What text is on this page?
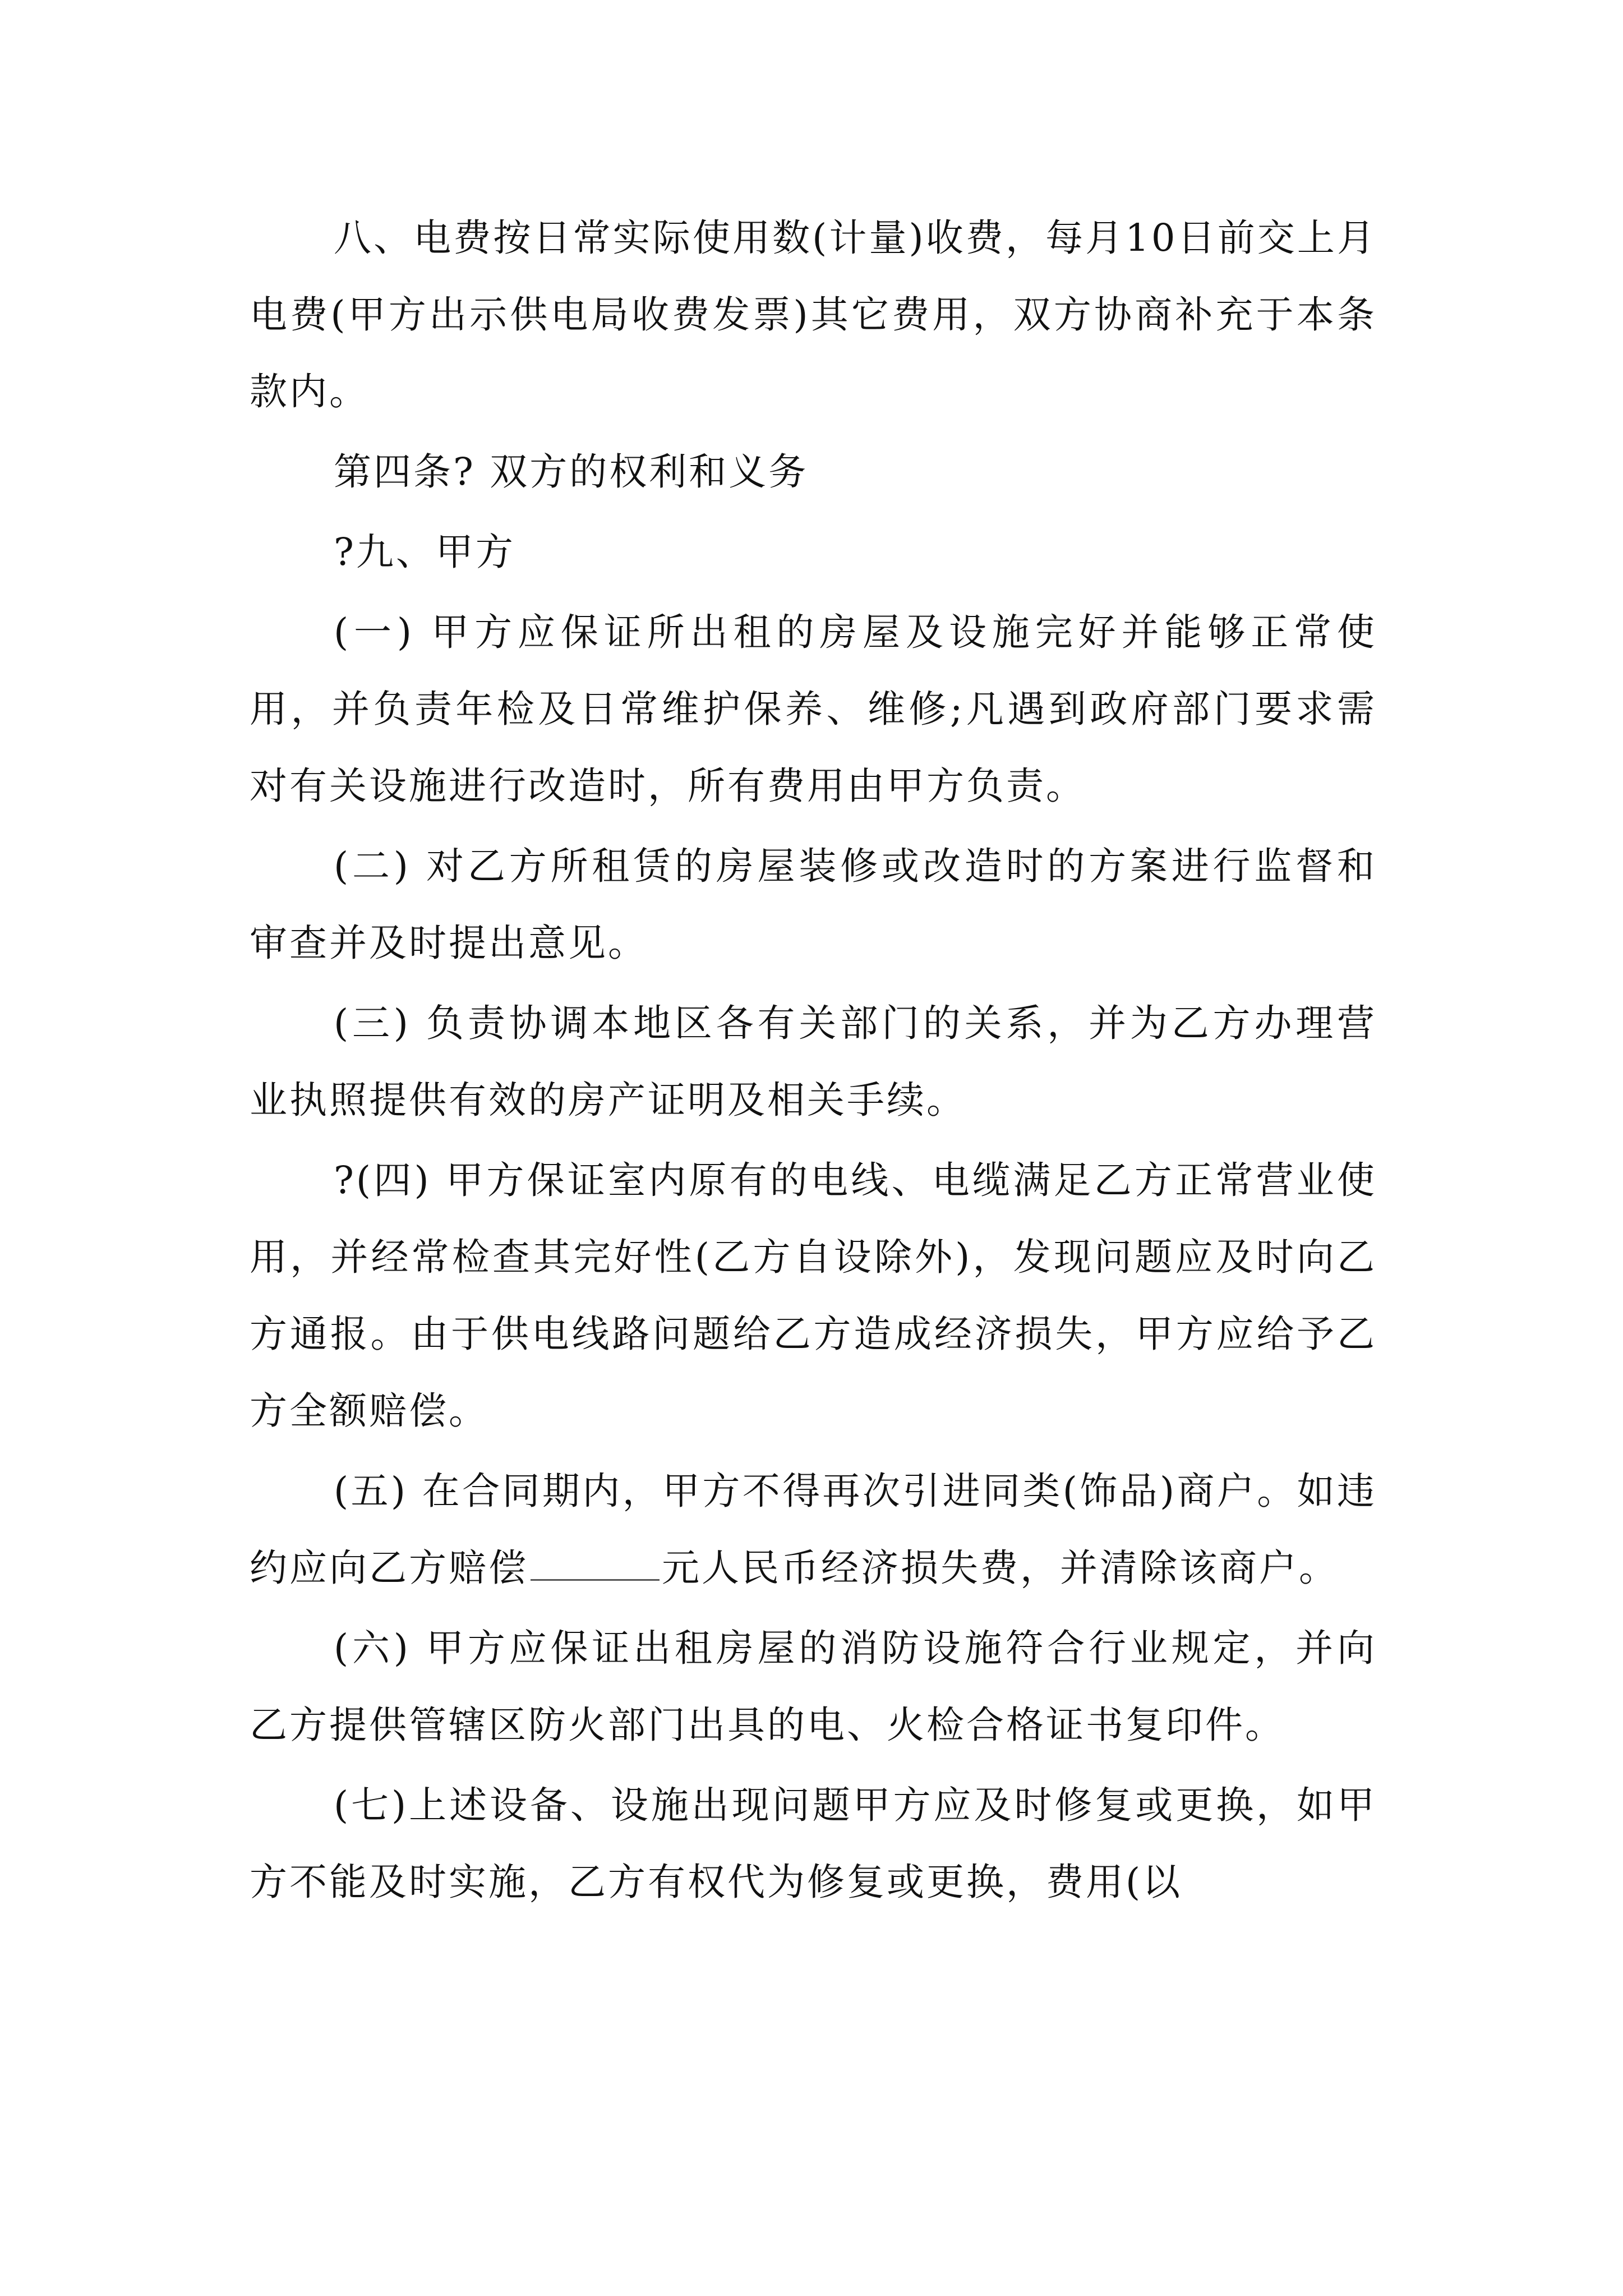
八、电费按日常实际使用数(计量)收费，每月10日前交上月电费(甲方出示供电局收费发票)其它费用，双方协商补充于本条款内。

第四条? 双方的权利和义务

?九、甲方

(一) 甲方应保证所出租的房屋及设施完好并能够正常使用，并负责年检及日常维护保养、维修;凡遇到政府部门要求需对有关设施进行改造时，所有费用由甲方负责。

(二) 对乙方所租赁的房屋装修或改造时的方案进行监督和审查并及时提出意见。

(三) 负责协调本地区各有关部门的关系，并为乙方办理营业执照提供有效的房产证明及相关手续。

?(四) 甲方保证室内原有的电线、电缆满足乙方正常营业使用，并经常检查其完好性(乙方自设除外)，发现问题应及时向乙方通报。由于供电线路问题给乙方造成经济损失，甲方应给予乙方全额赔偿。

(五) 在合同期内，甲方不得再次引进同类(饰品)商户。如违约应向乙方赔偿	元人民币经济损失费，并清除该商户。

(六) 甲方应保证出租房屋的消防设施符合行业规定，并向乙方提供管辖区防火部门出具的电、火检合格证书复印件。

(七)上述设备、设施出现问题甲方应及时修复或更换，如甲方不能及时实施，乙方有权代为修复或更换，费用(以
